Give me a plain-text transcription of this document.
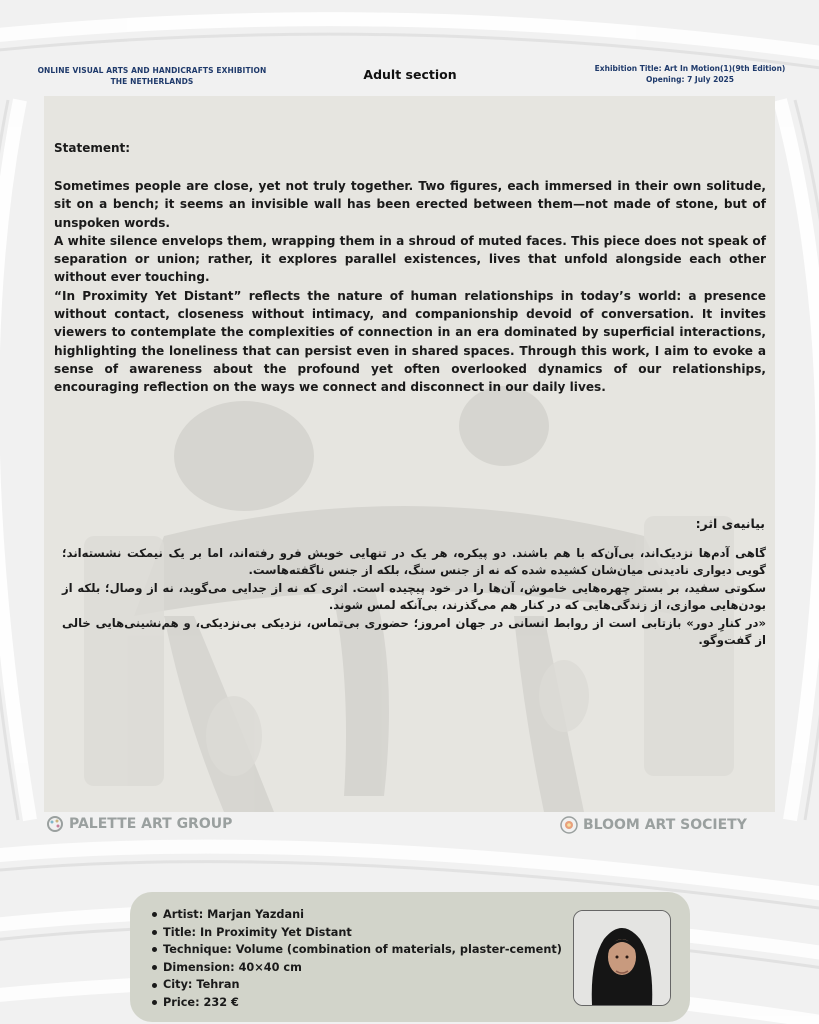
ONLINE VISUAL ARTS AND HANDICRAFTS EXHIBITION
THE NETHERLANDS	Adult section	Exhibition Title: Art In Motion(1)(9th Edition)
Opening: 7 July 2025
Statement:

Sometimes people are close, yet not truly together. Two figures, each immersed in their own solitude, sit on a bench; it seems an invisible wall has been erected between them—not made of stone, but of unspoken words.

A white silence envelops them, wrapping them in a shroud of muted faces. This piece does not speak of separation or union; rather, it explores parallel existences, lives that unfold alongside each other without ever touching.

“In Proximity Yet Distant” reflects the nature of human relationships in today’s world: a presence without contact, closeness without intimacy, and companionship devoid of conversation. It invites viewers to contemplate the complexities of connection in an era dominated by superficial interactions, highlighting the loneliness that can persist even in shared spaces. Through this work, I aim to evoke a sense of awareness about the profound yet often overlooked dynamics of our relationships, encouraging reflection on the ways we connect and disconnect in our daily lives.

بیانیه‌ی اثر:

گاهی آدم‌ها نزدیک‌اند، بی‌آن‌که با هم باشند. دو پیکره، هر یک در تنهایی خویش فرو رفته‌اند، اما بر یک نیمکت نشسته‌اند؛ گویی دیواری نادیدنی میان‌شان کشیده شده که نه از جنس سنگ، بلکه از جنس ناگفته‌هاست.

سکوتی سفید، بر بستر چهره‌هایی خاموش، آن‌ها را در خود پیچیده است. اثری که نه از جدایی می‌گوید، نه از وصال؛ بلکه از بودن‌هایی موازی، از زندگی‌هایی که در کنار هم می‌گذرند، بی‌آنکه لمس شوند.

«در کنارِ دور» بازتابی است از روابط انسانی در جهان امروز؛ حضوری بی‌تماس، نزدیکی بی‌نزدیکی، و هم‌نشینی‌هایی خالی از گفت‌وگو.

PALETTE ART GROUP	BLOOM ART SOCIETY
Artist: Marjan Yazdani
Title: In Proximity Yet Distant
Technique: Volume (combination of materials, plaster-cement)
Dimension: 40×40 cm
City: Tehran
Price: 232 €
